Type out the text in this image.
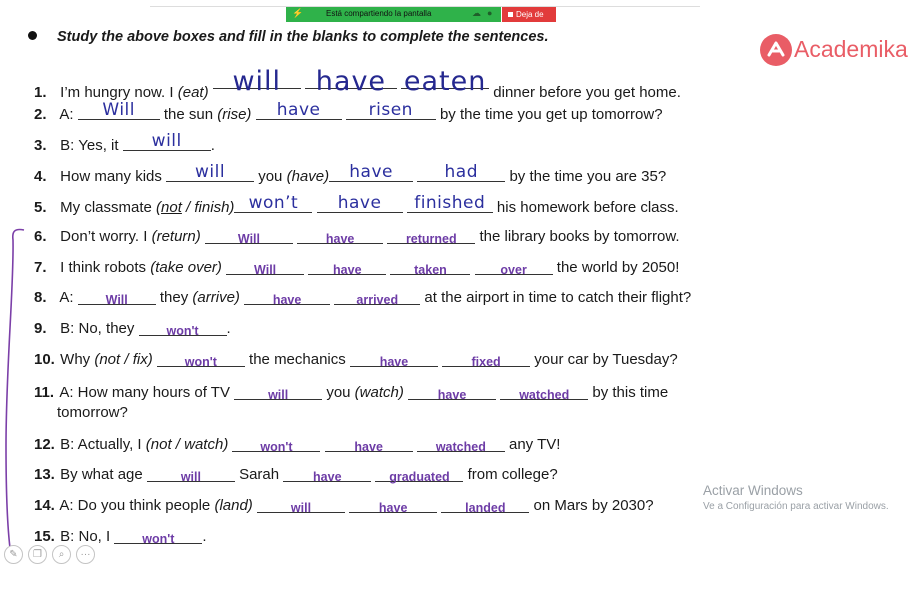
⚡	Está compartiendo la pantalla	☁ ●	Deja de
Study the above boxes and fill in the blanks to complete the sentences.	Academika
1. I’m hungry now. I (eat) will have eaten dinner before you get home.
2. A: Will the sun (rise) have	risen by the time you get up tomorrow?
3. B: Yes, it will .
4. How many kids will you (have) have	had by the time you are 35?
5. My classmate (not / finish) won’t have finished his homework before class.
6. Don’t worry. I (return)	Will	have	returned the library books by tomorrow.
7. I think robots (take over)	Will	have	taken	over the world by 2050!
8. A:	Will they (arrive)	have	arrived at the airport in time to catch their flight?
9. B: No, they	won't .
10. Why (not / fix)	won't the mechanics	have	fixed your car by Tuesday?
11. A: How many hours of TV	will	you (watch)	have	watched by this time
tomorrow?
12. B: Actually, I (not / watch)	won't	have	watched any TV!
13. By what age	will	Sarah	have	graduated from college?
14. A: Do you think people (land)	will	have	landed on Mars by 2030?
15. B: No, I	won't .
Activar Windows
Ve a Configuración para activar Windows.
✎ ❐ ⌕ ···
